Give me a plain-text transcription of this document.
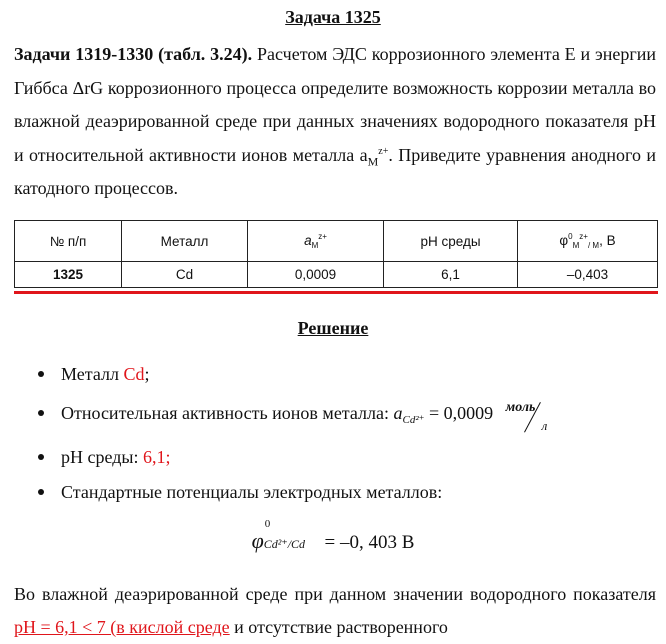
Задача 1325
Задачи 1319-1330 (табл. 3.24). Расчетом ЭДС коррозионного элемента Е и энергии Гиббса ΔrG коррозионного процесса определите возможность коррозии металла во влажной деаэрированной среде при данных значениях водородного показателя pH и относительной активности ионов металла $a_M^{z+}$. Приведите уравнения анодного и катодного процессов.
№ п/п	Металл	$a_M^{z+}$	pH среды	$\varphi^0_M^{z+}_{/ M}$, В
1325	Cd	0,0009	6,1	–0,403
Решение
Металл Cd;
Относительная активность ионов металла: $a_{Cd^{2+}} = 0,0009$ моль
л
pH среды: 6,1;
Стандартные потенциалы электродных металлов:
φ
0
Cd²⁺/Cd = –0, 403 В
Во влажной деаэрированной среде при данном значении водородного показателя pH = 6,1 < 7 (в кислой среде и отсутствие растворенного
